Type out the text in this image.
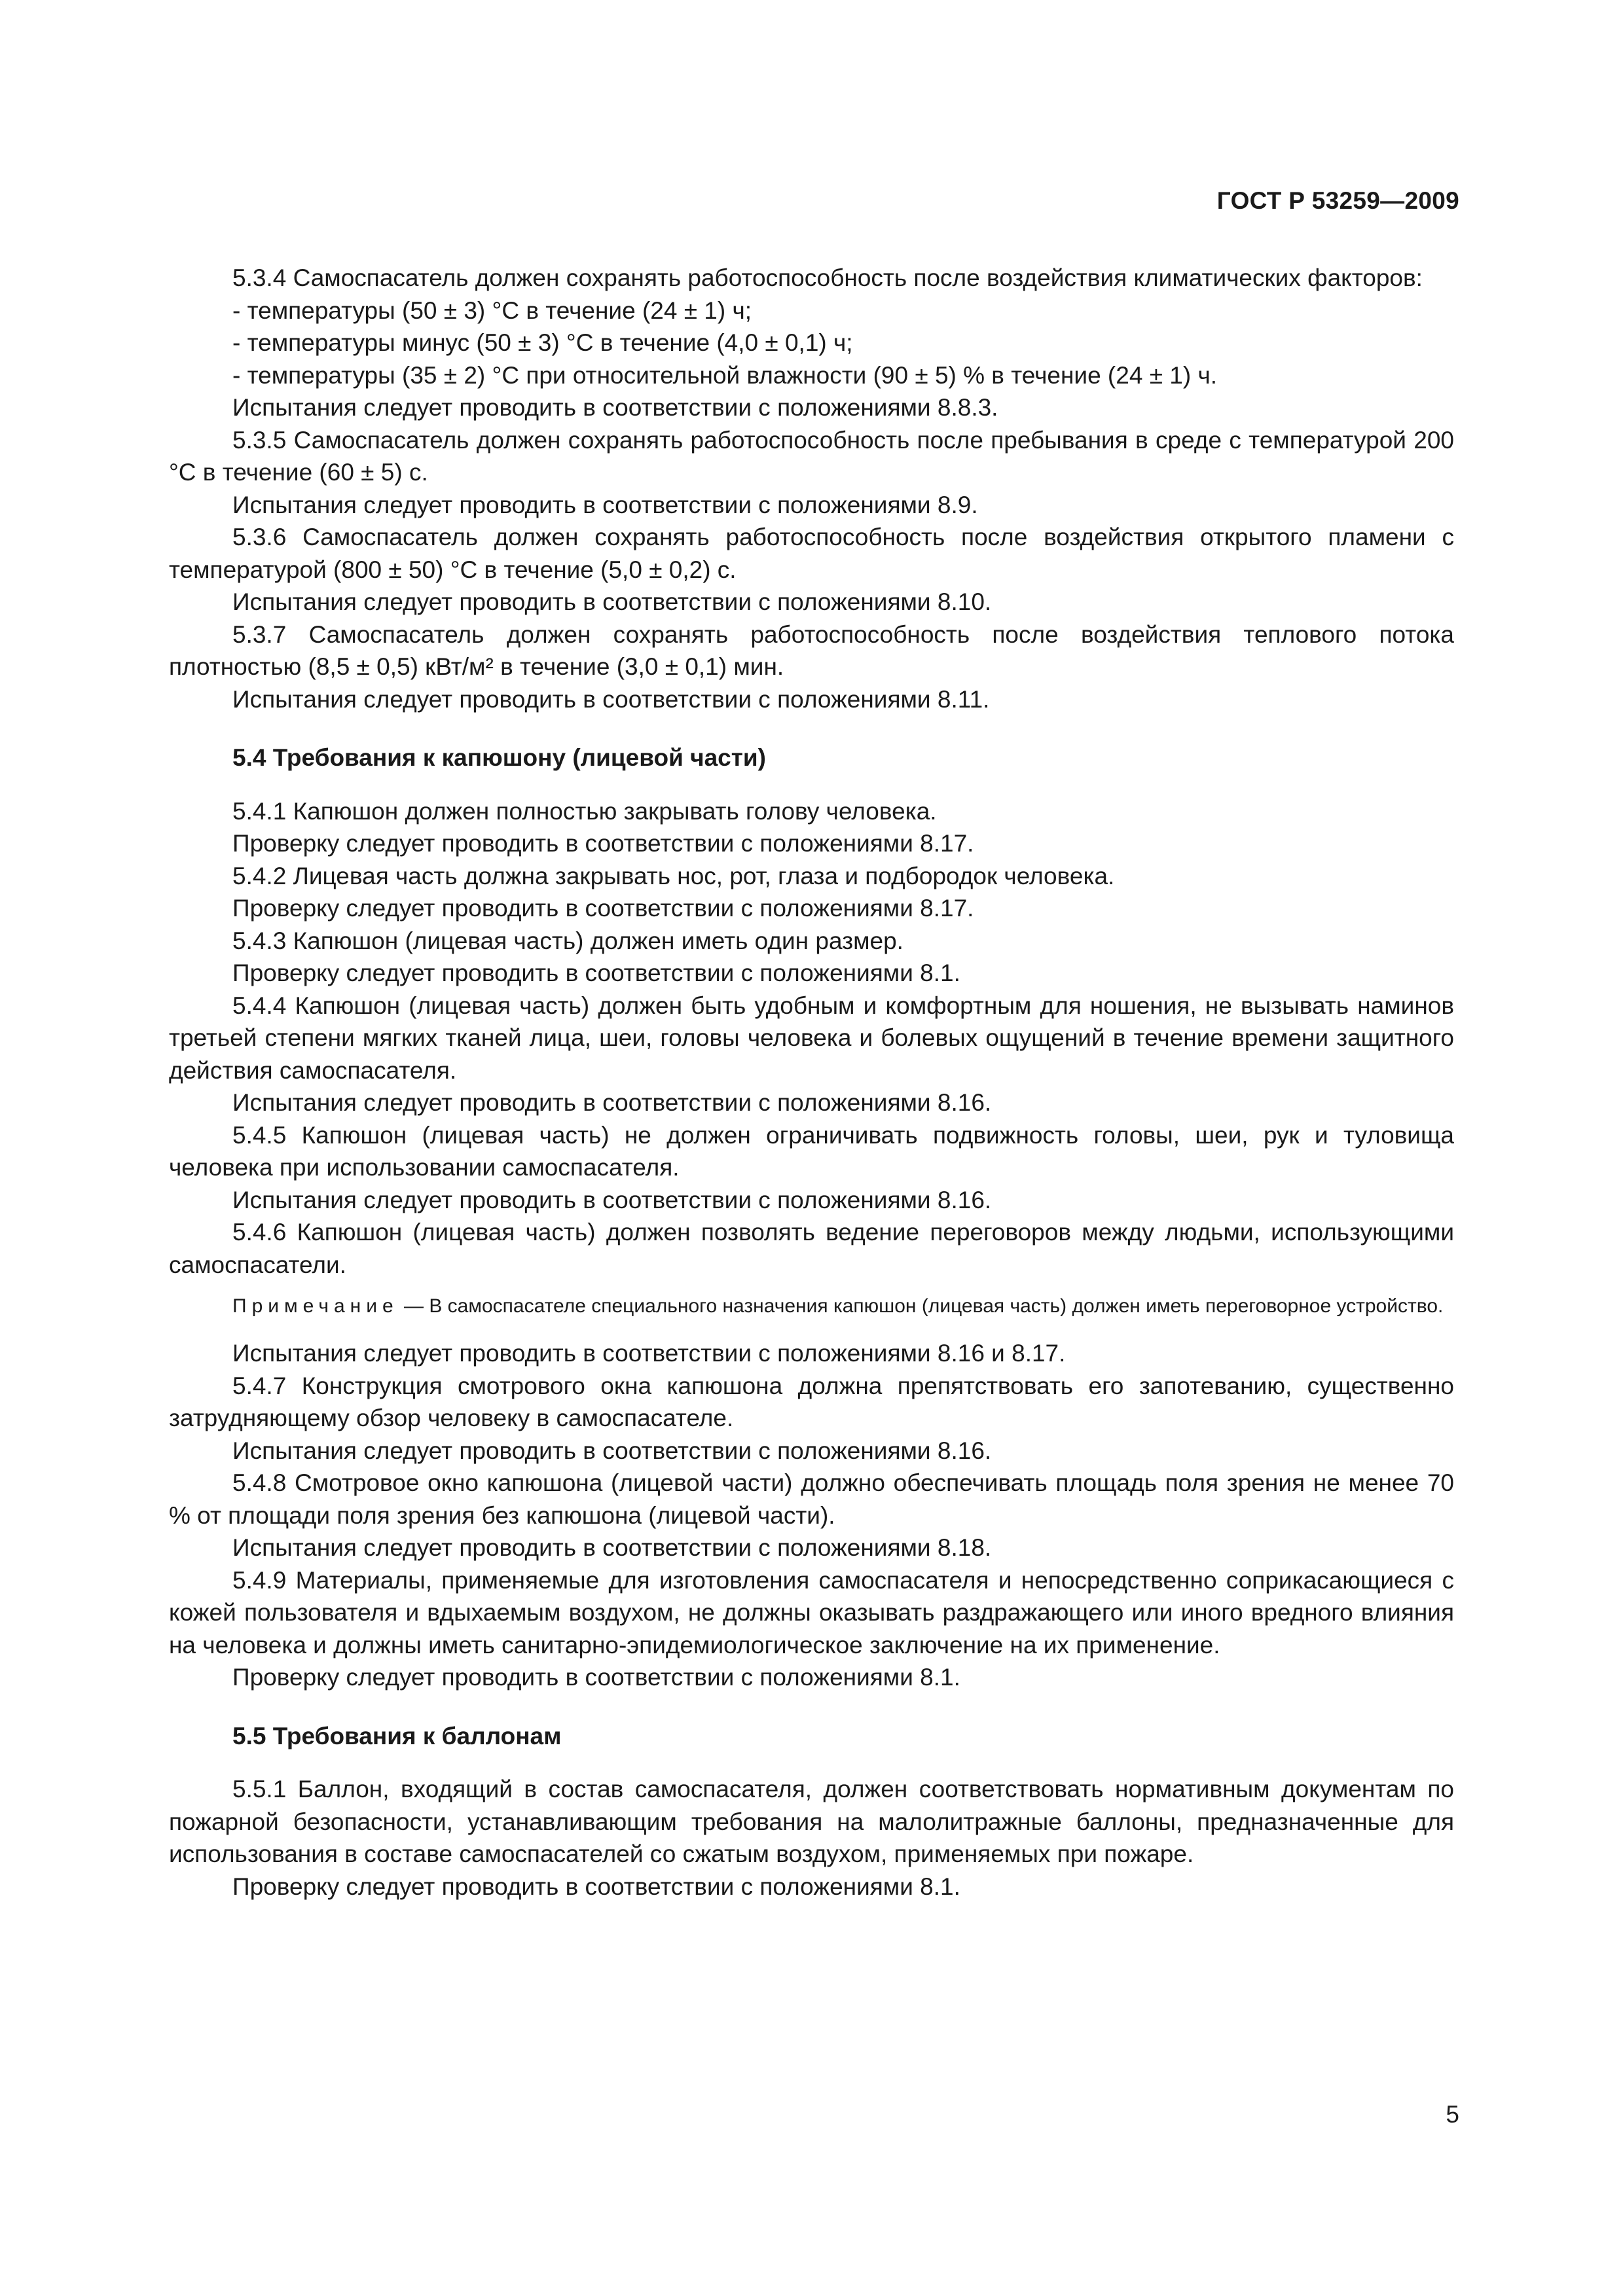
ГОСТ Р 53259—2009

5.3.4 Самоспасатель должен сохранять работоспособность после воздействия климатических факторов:

- температуры (50 ± 3) °С в течение (24 ± 1) ч;

- температуры минус (50 ± 3) °С в течение (4,0 ± 0,1) ч;

- температуры (35 ± 2) °С при относительной влажности (90 ± 5) % в течение (24 ± 1) ч.

Испытания следует проводить в соответствии с положениями 8.8.3.

5.3.5 Самоспасатель должен сохранять работоспособность после пребывания в среде с температурой 200 °С в течение (60 ± 5) с.

Испытания следует проводить в соответствии с положениями 8.9.

5.3.6 Самоспасатель должен сохранять работоспособность после воздействия открытого пламени с температурой (800 ± 50) °С в течение (5,0 ± 0,2) с.

Испытания следует проводить в соответствии с положениями 8.10.

5.3.7 Самоспасатель должен сохранять работоспособность после воздействия теплового потока плотностью (8,5 ± 0,5) кВт/м² в течение (3,0 ± 0,1) мин.

Испытания следует проводить в соответствии с положениями 8.11.

5.4 Требования к капюшону (лицевой части)

5.4.1 Капюшон должен полностью закрывать голову человека.

Проверку следует проводить в соответствии с положениями 8.17.

5.4.2 Лицевая часть должна закрывать нос, рот, глаза и подбородок человека.

Проверку следует проводить в соответствии с положениями 8.17.

5.4.3 Капюшон (лицевая часть) должен иметь один размер.

Проверку следует проводить в соответствии с положениями 8.1.

5.4.4 Капюшон (лицевая часть) должен быть удобным и комфортным для ношения, не вызывать наминов третьей степени мягких тканей лица, шеи, головы человека и болевых ощущений в течение времени защитного действия самоспасателя.

Испытания следует проводить в соответствии с положениями 8.16.

5.4.5 Капюшон (лицевая часть) не должен ограничивать подвижность головы, шеи, рук и туловища человека при использовании самоспасателя.

Испытания следует проводить в соответствии с положениями 8.16.

5.4.6 Капюшон (лицевая часть) должен позволять ведение переговоров между людьми, использующими самоспасатели.

Примечание — В самоспасателе специального назначения капюшон (лицевая часть) должен иметь переговорное устройство.

Испытания следует проводить в соответствии с положениями 8.16 и 8.17.

5.4.7 Конструкция смотрового окна капюшона должна препятствовать его запотеванию, существенно затрудняющему обзор человеку в самоспасателе.

Испытания следует проводить в соответствии с положениями 8.16.

5.4.8 Смотровое окно капюшона (лицевой части) должно обеспечивать площадь поля зрения не менее 70 % от площади поля зрения без капюшона (лицевой части).

Испытания следует проводить в соответствии с положениями 8.18.

5.4.9 Материалы, применяемые для изготовления самоспасателя и непосредственно соприкасающиеся с кожей пользователя и вдыхаемым воздухом, не должны оказывать раздражающего или иного вредного влияния на человека и должны иметь санитарно-эпидемиологическое заключение на их применение.

Проверку следует проводить в соответствии с положениями 8.1.

5.5 Требования к баллонам

5.5.1 Баллон, входящий в состав самоспасателя, должен соответствовать нормативным документам по пожарной безопасности, устанавливающим требования на малолитражные баллоны, предназначенные для использования в составе самоспасателей со сжатым воздухом, применяемых при пожаре.

Проверку следует проводить в соответствии с положениями 8.1.

5
